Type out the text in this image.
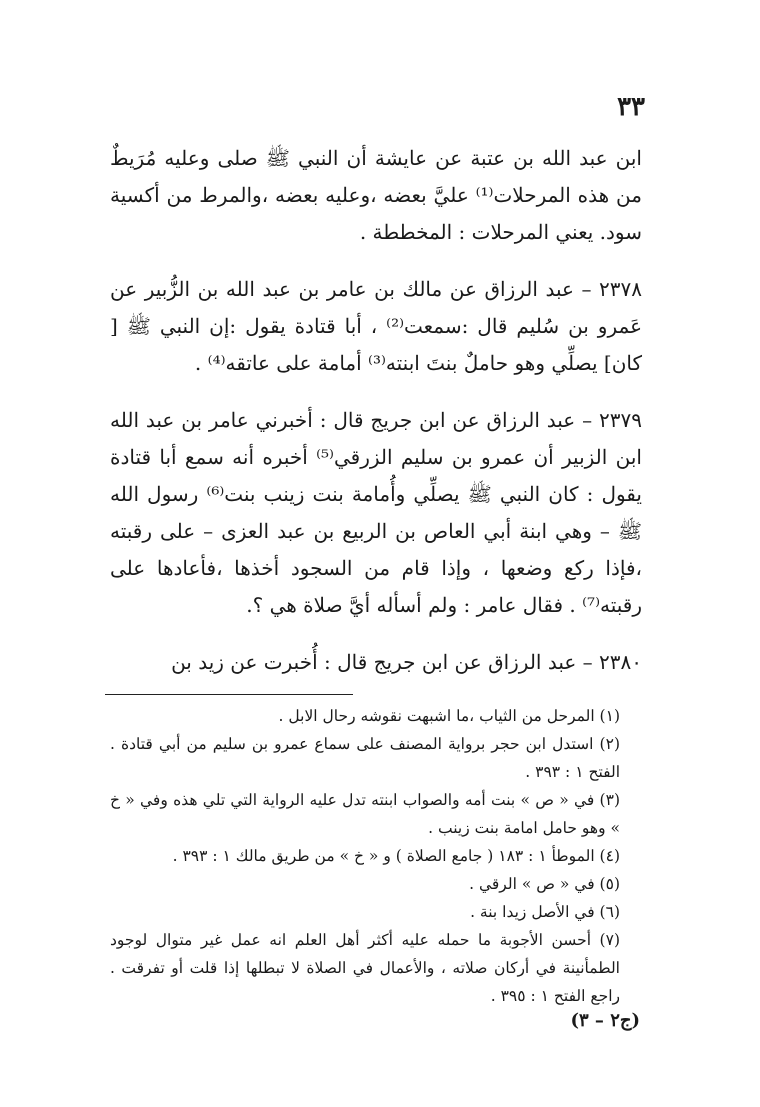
٣٣

ابن عبد الله بن عتبة عن عايشة أن النبي ﷺ صلى وعليه مُرَيطٌ من هذه المرحلات⁽¹⁾ عليَّ بعضه ،وعليه بعضه ،والمرط من أكسية سود. يعني المرحلات : المخططة .

٢٣٧٨ – عبد الرزاق عن مالك بن عامر بن عبد الله بن الزُّبير عن عَمرو بن سُليم قال :سمعت⁽²⁾ ، أبا قتادة يقول :إن النبي ﷺ [ كان] يصلِّي وهو حاملٌ بنتَ ابنته⁽³⁾ أمامة على عاتقه⁽⁴⁾ .

٢٣٧٩ – عبد الرزاق عن ابن جريج قال : أخبرني عامر بن عبد الله ابن الزبير أن عمرو بن سليم الزرقي⁽⁵⁾ أخبره أنه سمع أبا قتادة يقول : كان النبي ﷺ يصلِّي وأُمامة بنت زينب بنت⁽⁶⁾ رسول الله ﷺ – وهي ابنة أبي العاص بن الربيع بن عبد العزى – على رقبته ،فإذا ركع وضعها ، وإذا قام من السجود أخذها ،فأعادها على رقبته⁽⁷⁾ . فقال عامر : ولم أسأله أيَّ صلاة هي ؟.

٢٣٨٠ – عبد الرزاق عن ابن جريج قال : أُخبرت عن زيد بن

(١) المرحل من الثياب ،ما اشبهت نقوشه رحال الابل .
(٢) استدل ابن حجر برواية المصنف على سماع عمرو بن سليم من أبي قتادة . الفتح ١ : ٣٩٣ .
(٣) في « ص » بنت أمه والصواب ابنته تدل عليه الرواية التي تلي هذه وفي « خ » وهو حامل امامة بنت زينب .
(٤) الموطأ ١ : ١٨٣ ( جامع الصلاة ) و « خ » من طريق مالك ١ : ٣٩٣ .
(٥) في « ص » الرقي .
(٦) في الأصل زيدا بنة .
(٧) أحسن الأجوبة ما حمله عليه أكثر أهل العلم انه عمل غير متوال لوجود الطمأنينة في أركان صلاته ، والأعمال في الصلاة لا تبطلها إذا قلت أو تفرقت . راجع الفتح ١ : ٣٩٥ .
(ج٢ – ٣)
